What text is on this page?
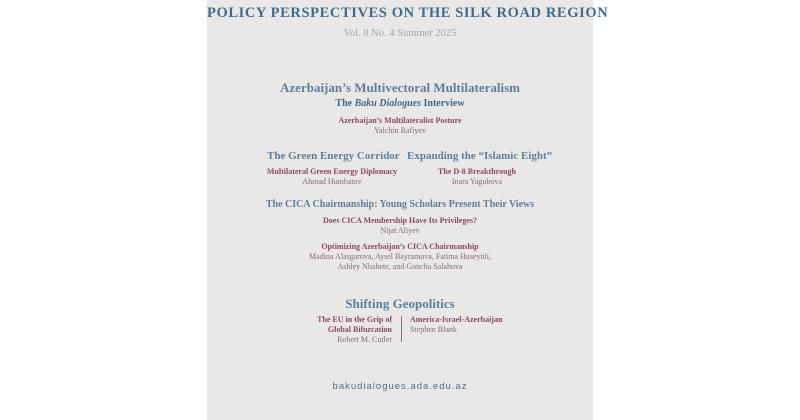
POLICY PERSPECTIVES ON THE SILK ROAD REGION
Vol. 8 No. 4 Summer 2025
Azerbaijan’s Multivectoral Multilateralism
The Baku Dialogues Interview
Azerbaijan’s Multilateralist Posture
Yalchin Rafiyev
The Green Energy Corridor
Multilateral Green Energy Diplomacy
Ahmad Humbatov
Expanding the “Islamic Eight”
The D-8 Breakthrough
Inara Yagubova
The CICA Chairmanship: Young Scholars Present Their Views
Does CICA Membership Have Its Privileges?
Nijat Aliyev
Optimizing Azerbaijan’s CICA Chairmanship
Madina Alasgarova, Aysel Bayramova, Fatima Huseynli,
Ashley Nhabete, and Goncha Salahova
Shifting Geopolitics
The EU in the Grip of
Global Bifurcation
Robert M. Cutler
America-Israel-Azerbaijan
Stephen Blank
bakudialogues.ada.edu.az
